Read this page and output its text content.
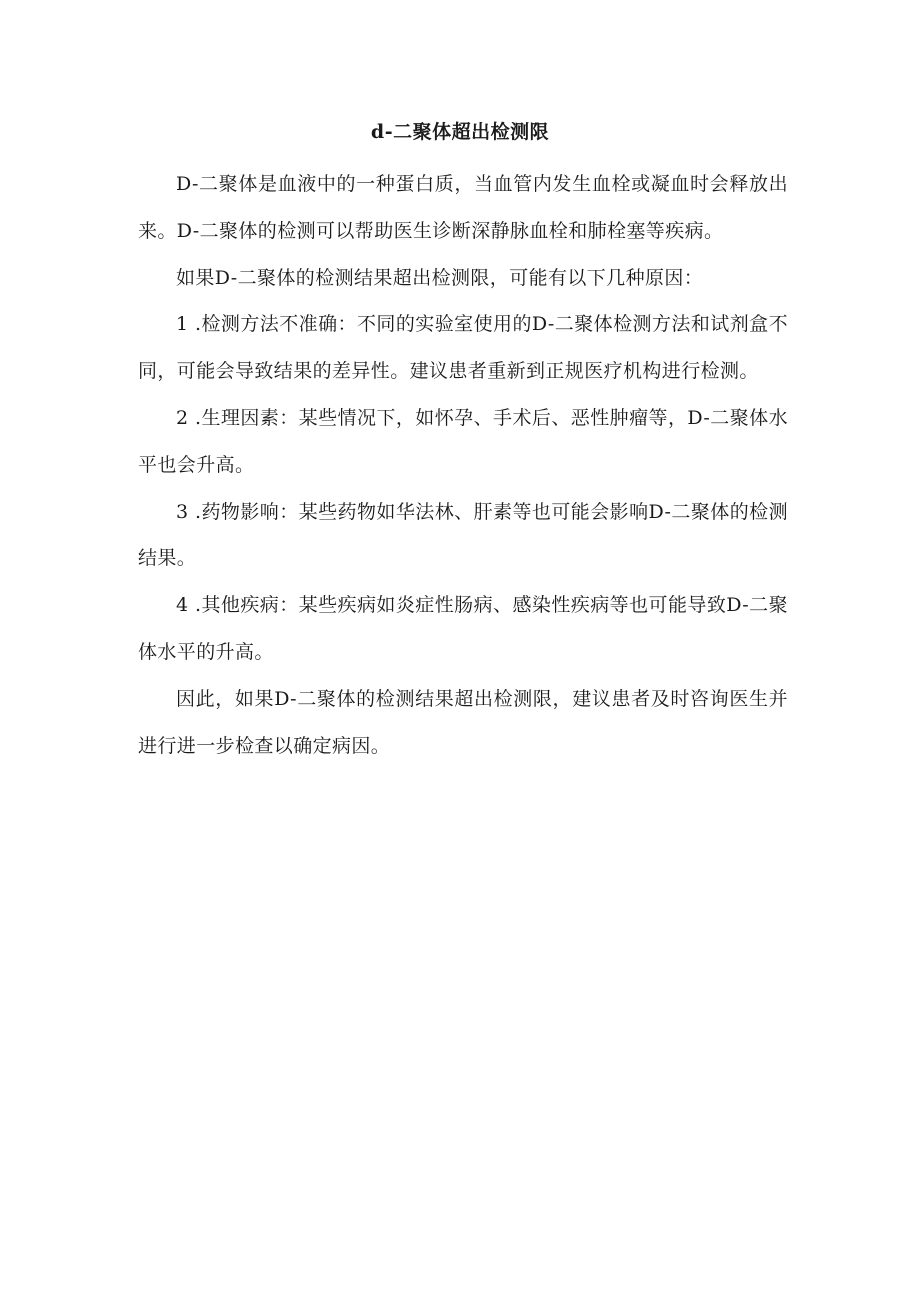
d-二聚体超出检测限

D-二聚体是血液中的一种蛋白质，当血管内发生血栓或凝血时会释放出来。D-二聚体的检测可以帮助医生诊断深静脉血栓和肺栓塞等疾病。

如果D-二聚体的检测结果超出检测限，可能有以下几种原因：

1 .检测方法不准确：不同的实验室使用的D-二聚体检测方法和试剂盒不同，可能会导致结果的差异性。建议患者重新到正规医疗机构进行检测。

2 .生理因素：某些情况下，如怀孕、手术后、恶性肿瘤等，D-二聚体水平也会升高。

3 .药物影响：某些药物如华法林、肝素等也可能会影响D-二聚体的检测结果。

4 .其他疾病：某些疾病如炎症性肠病、感染性疾病等也可能导致D-二聚体水平的升高。

因此，如果D-二聚体的检测结果超出检测限，建议患者及时咨询医生并进行进一步检查以确定病因。
